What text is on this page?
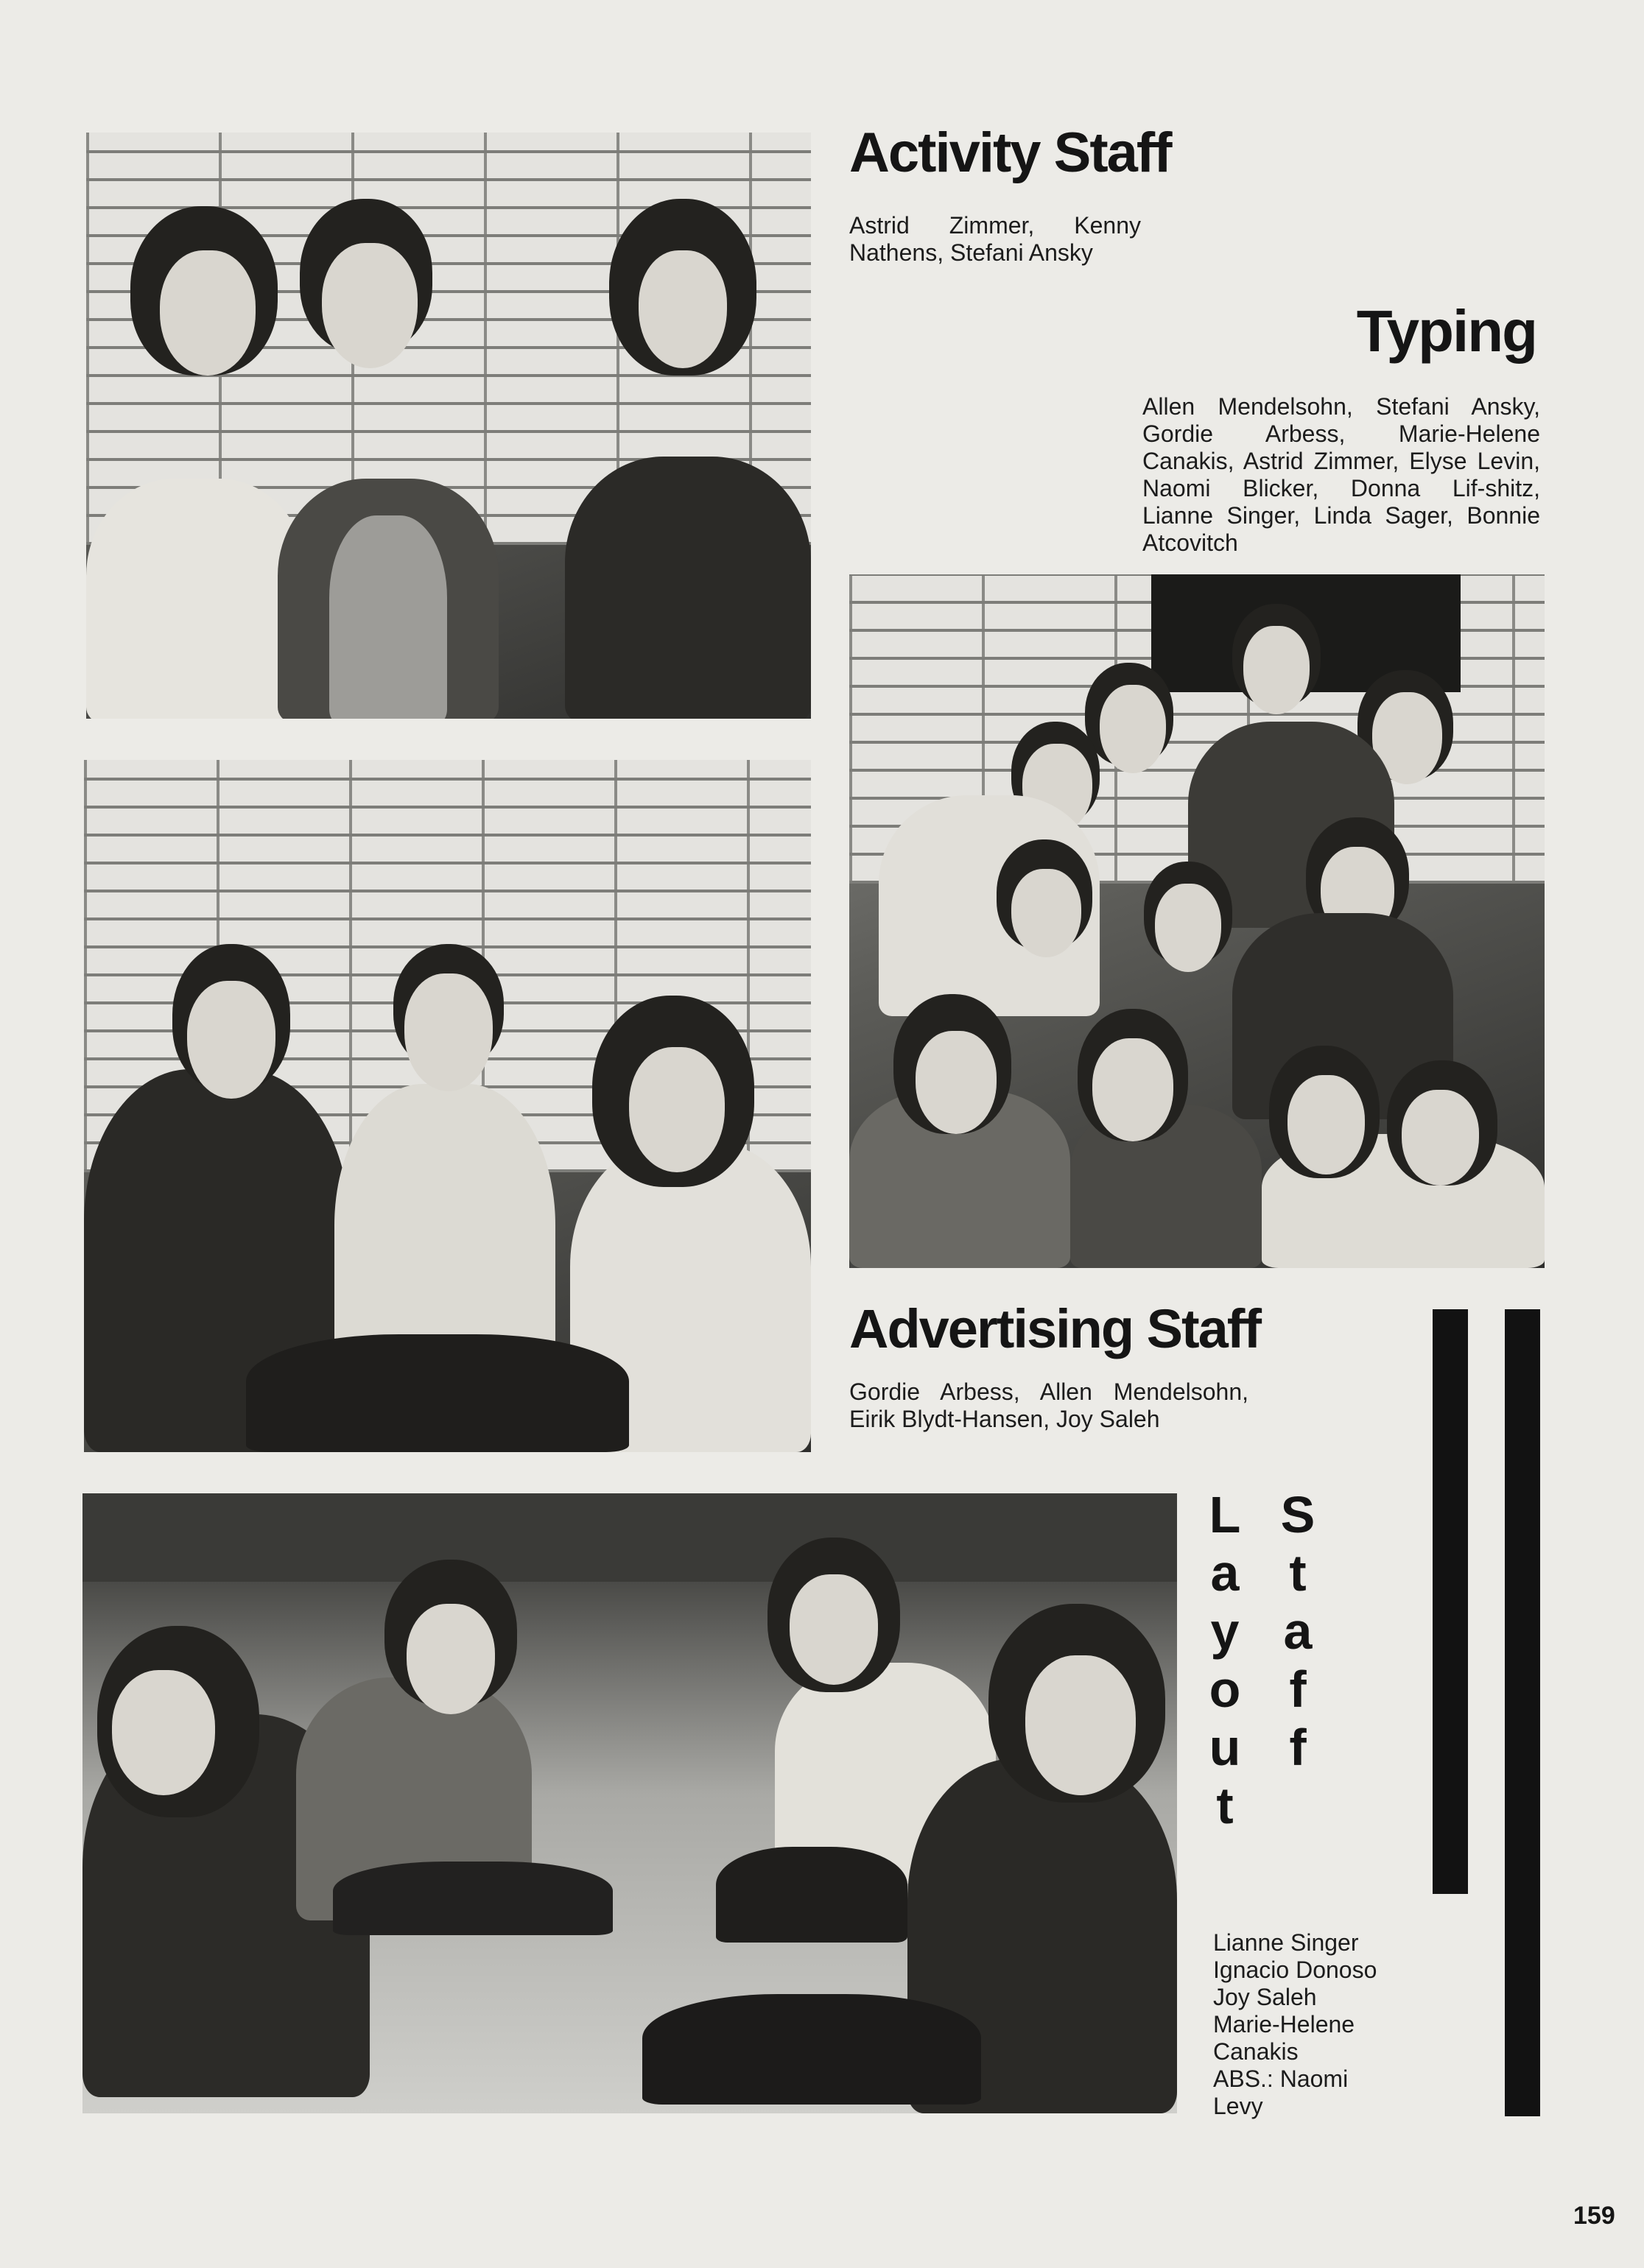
Activity Staff

Astrid Zimmer, Kenny Nathens, Stefani Ansky

Typing

Allen Mendelsohn, Stefani Ansky, Gordie Arbess, Marie-Helene Canakis, Astrid Zimmer, Elyse Levin, Naomi Blicker, Donna Lif-shitz, Lianne Singer, Linda Sager, Bonnie Atcovitch

Advertising Staff

Gordie Arbess, Allen Mendelsohn, Eirik Blydt-Hansen, Joy Saleh

L
a
y
o
u
t
S
t
a
f
f
Lianne Singer
Ignacio Donoso
Joy Saleh
Marie-Helene
Canakis
ABS.: Naomi
Levy
159
